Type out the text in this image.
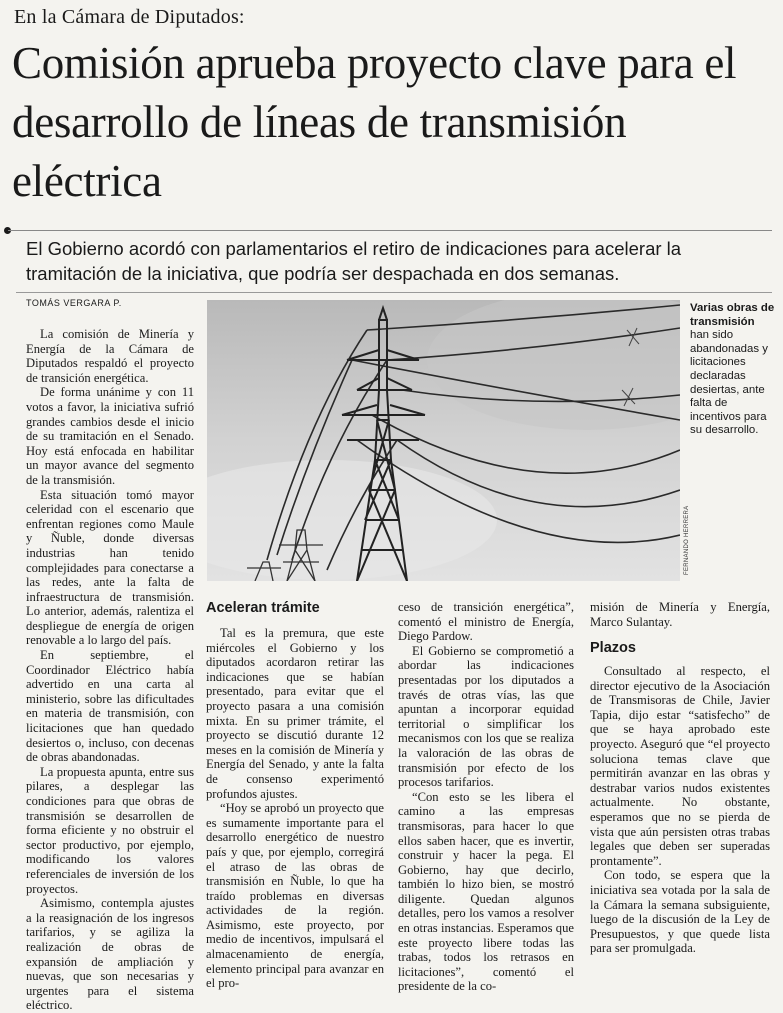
En la Cámara de Diputados:
Comisión aprueba proyecto clave para el desarrollo de líneas de transmisión eléctrica
El Gobierno acordó con parlamentarios el retiro de indicaciones para acelerar la tramitación de la iniciativa, que podría ser despachada en dos semanas.
TOMÁS VERGARA P.

La comisión de Minería y Energía de la Cámara de Diputados respaldó el proyecto de transición energética.

De forma unánime y con 11 votos a favor, la iniciativa sufrió grandes cambios desde el inicio de su tramitación en el Senado. Hoy está enfocada en habilitar un mayor avance del segmento de la transmisión.

Esta situación tomó mayor celeridad con el escenario que enfrentan regiones como Maule y Ñuble, donde diversas industrias han tenido complejidades para conectarse a las redes, ante la falta de infraestructura de transmisión. Lo anterior, además, ralentiza el despliegue de energía de origen renovable a lo largo del país.

En septiembre, el Coordinador Eléctrico había advertido en una carta al ministerio, sobre las dificultades en materia de transmisión, con licitaciones que han quedado desiertos o, incluso, con decenas de obras abandonadas.

La propuesta apunta, entre sus pilares, a desplegar las condiciones para que obras de transmisión se desarrollen de forma eficiente y no obstruir el sector productivo, por ejemplo, modificando los valores referenciales de inversión de los proyectos.

Asimismo, contempla ajustes a la reasignación de los ingresos tarifarios, y se agiliza la realización de obras de expansión de ampliación y nuevas, que son necesarias y urgentes para el sistema eléctrico.

FERNANDO HERRERA
Varias obras de transmisión han sido abandonadas y licitaciones declaradas desiertas, ante falta de incentivos para su desarrollo.
Aceleran trámite

Tal es la premura, que este miércoles el Gobierno y los diputados acordaron retirar las indicaciones que se habían presentado, para evitar que el proyecto pasara a una comisión mixta. En su primer trámite, el proyecto se discutió durante 12 meses en la comisión de Minería y Energía del Senado, y ante la falta de consenso experimentó profundos ajustes.

“Hoy se aprobó un proyecto que es sumamente importante para el desarrollo energético de nuestro país y que, por ejemplo, corregirá el atraso de las obras de transmisión en Ñuble, lo que ha traído problemas en diversas actividades de la región. Asimismo, este proyecto, por medio de incentivos, impulsará el almacenamiento de energía, elemento principal para avanzar en el pro-

ceso de transición energética”, comentó el ministro de Energía, Diego Pardow.

El Gobierno se comprometió a abordar las indicaciones presentadas por los diputados a través de otras vías, las que apuntan a incorporar equidad territorial o simplificar los mecanismos con los que se realiza la valoración de las obras de transmisión por efecto de los procesos tarifarios.

“Con esto se les libera el camino a las empresas transmisoras, para hacer lo que ellos saben hacer, que es invertir, construir y hacer la pega. El Gobierno, hay que decirlo, también lo hizo bien, se mostró diligente. Quedan algunos detalles, pero los vamos a resolver en otras instancias. Esperamos que este proyecto libere todas las trabas, todos los retrasos en licitaciones”, comentó el presidente de la co-

misión de Minería y Energía, Marco Sulantay.

Plazos

Consultado al respecto, el director ejecutivo de la Asociación de Transmisoras de Chile, Javier Tapia, dijo estar “satisfecho” de que se haya aprobado este proyecto. Aseguró que “el proyecto soluciona temas clave que permitirán avanzar en las obras y destrabar varios nudos existentes actualmente. No obstante, esperamos que no se pierda de vista que aún persisten otras trabas legales que deben ser superadas prontamente”.

Con todo, se espera que la iniciativa sea votada por la sala de la Cámara la semana subsiguiente, luego de la discusión de la Ley de Presupuestos, y que quede lista para ser promulgada.
